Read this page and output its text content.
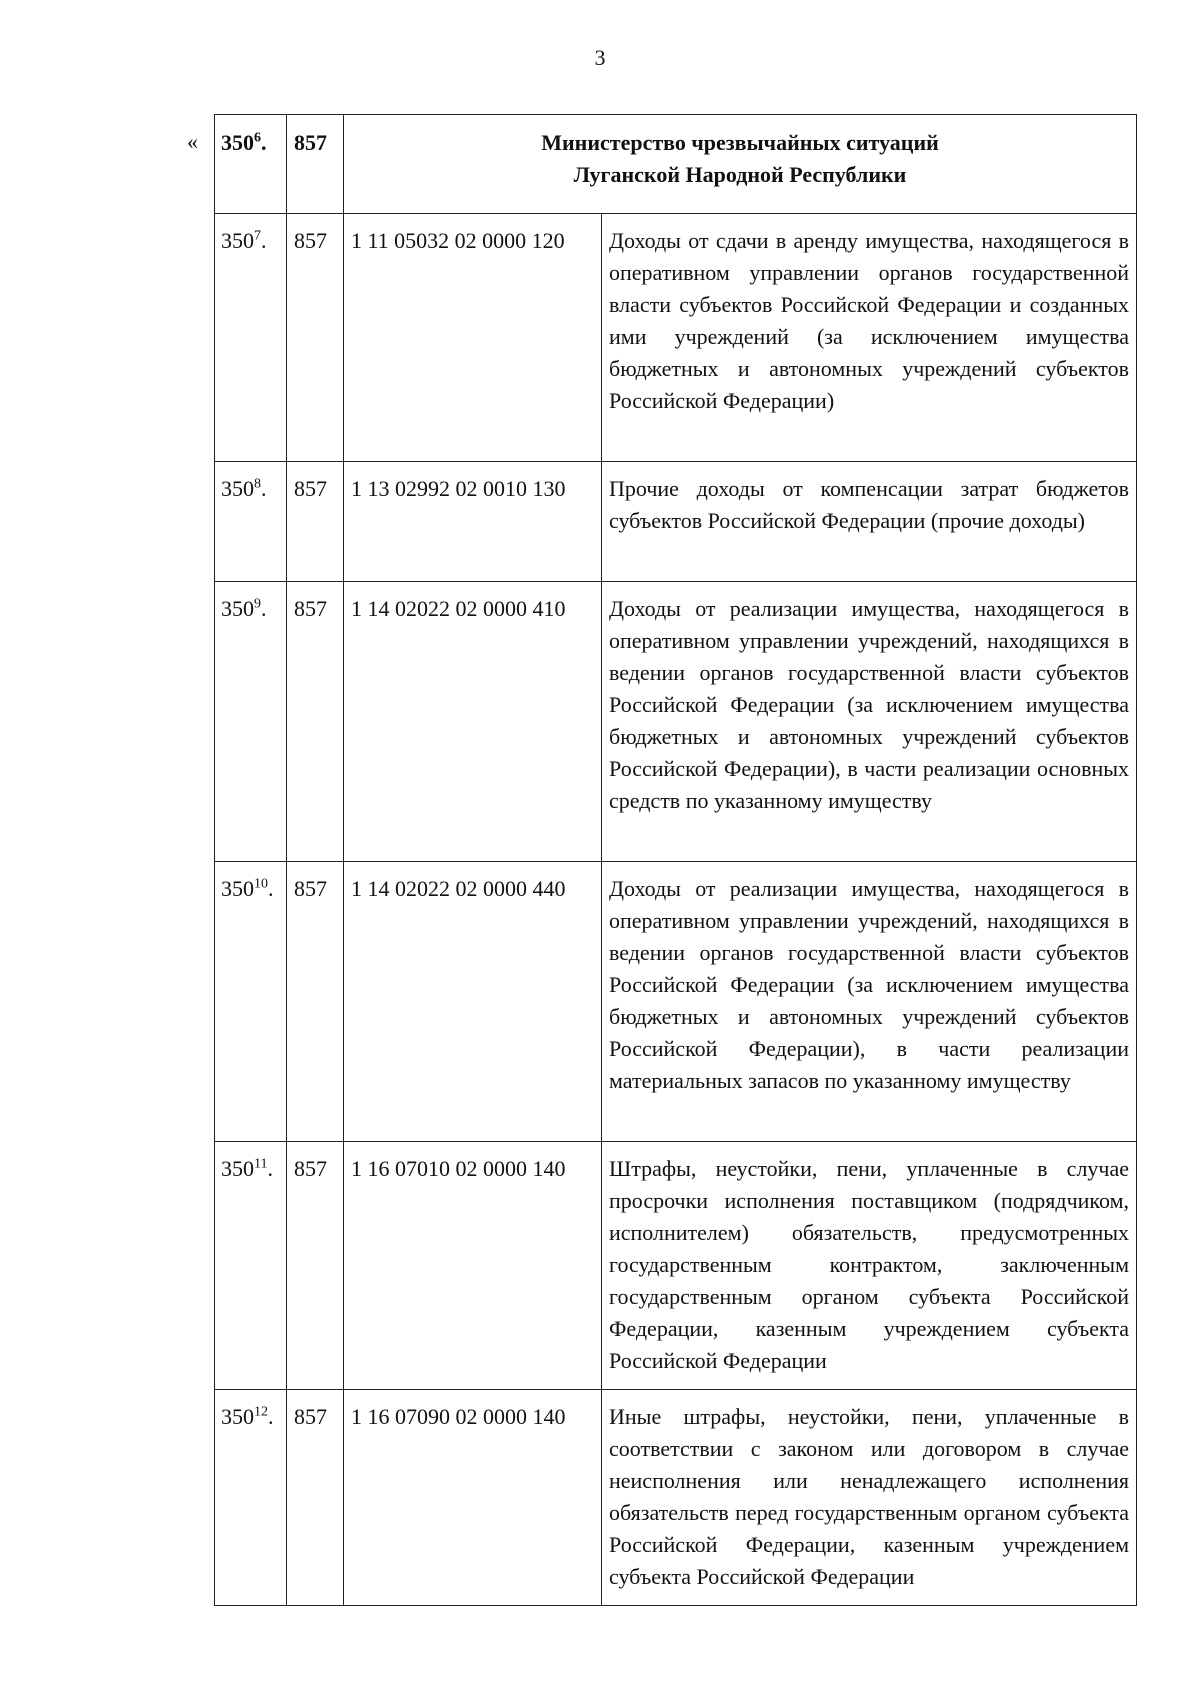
3
« $350^6$.	857	Министерство чрезвычайных ситуаций
Луганской Народной Республики	

$350^7$.	857	1 11 05032 02 0000 120	Доходы от сдачи в аренду имущества, находящегося в оперативном управлении органов государственной власти субъектов Российской Федерации и созданных ими учреждений (за исключением имущества бюджетных и автономных учреждений субъектов Российской Федерации)
$350^8$.	857	1 13 02992 02 0010 130	Прочие доходы от компенсации затрат бюджетов субъектов Российской Федерации (прочие доходы)
$350^9$.	857	1 14 02022 02 0000 410	Доходы от реализации имущества, находящегося в оперативном управлении учреждений, находящихся в ведении органов государственной власти субъектов Российской Федерации (за исключением имущества бюджетных и автономных учреждений субъектов Российской Федерации), в части реализации основных средств по указанному имуществу
$350^{10}$.	857	1 14 02022 02 0000 440	Доходы от реализации имущества, находящегося в оперативном управлении учреждений, находящихся в ведении органов государственной власти субъектов Российской Федерации (за исключением имущества бюджетных и автономных учреждений субъектов Российской Федерации), в части реализации материальных запасов по указанному имуществу
$350^{11}$.	857	1 16 07010 02 0000 140	Штрафы, неустойки, пени, уплаченные в случае просрочки исполнения поставщиком (подрядчиком, исполнителем) обязательств, предусмотренных государственным контрактом, заключенным государственным органом субъекта Российской Федерации, казенным учреждением субъекта Российской Федерации
$350^{12}$.	857	1 16 07090 02 0000 140	Иные штрафы, неустойки, пени, уплаченные в соответствии с законом или договором в случае неисполнения или ненадлежащего исполнения обязательств перед государственным органом субъекта Российской Федерации, казенным учреждением субъекта Российской Федерации
